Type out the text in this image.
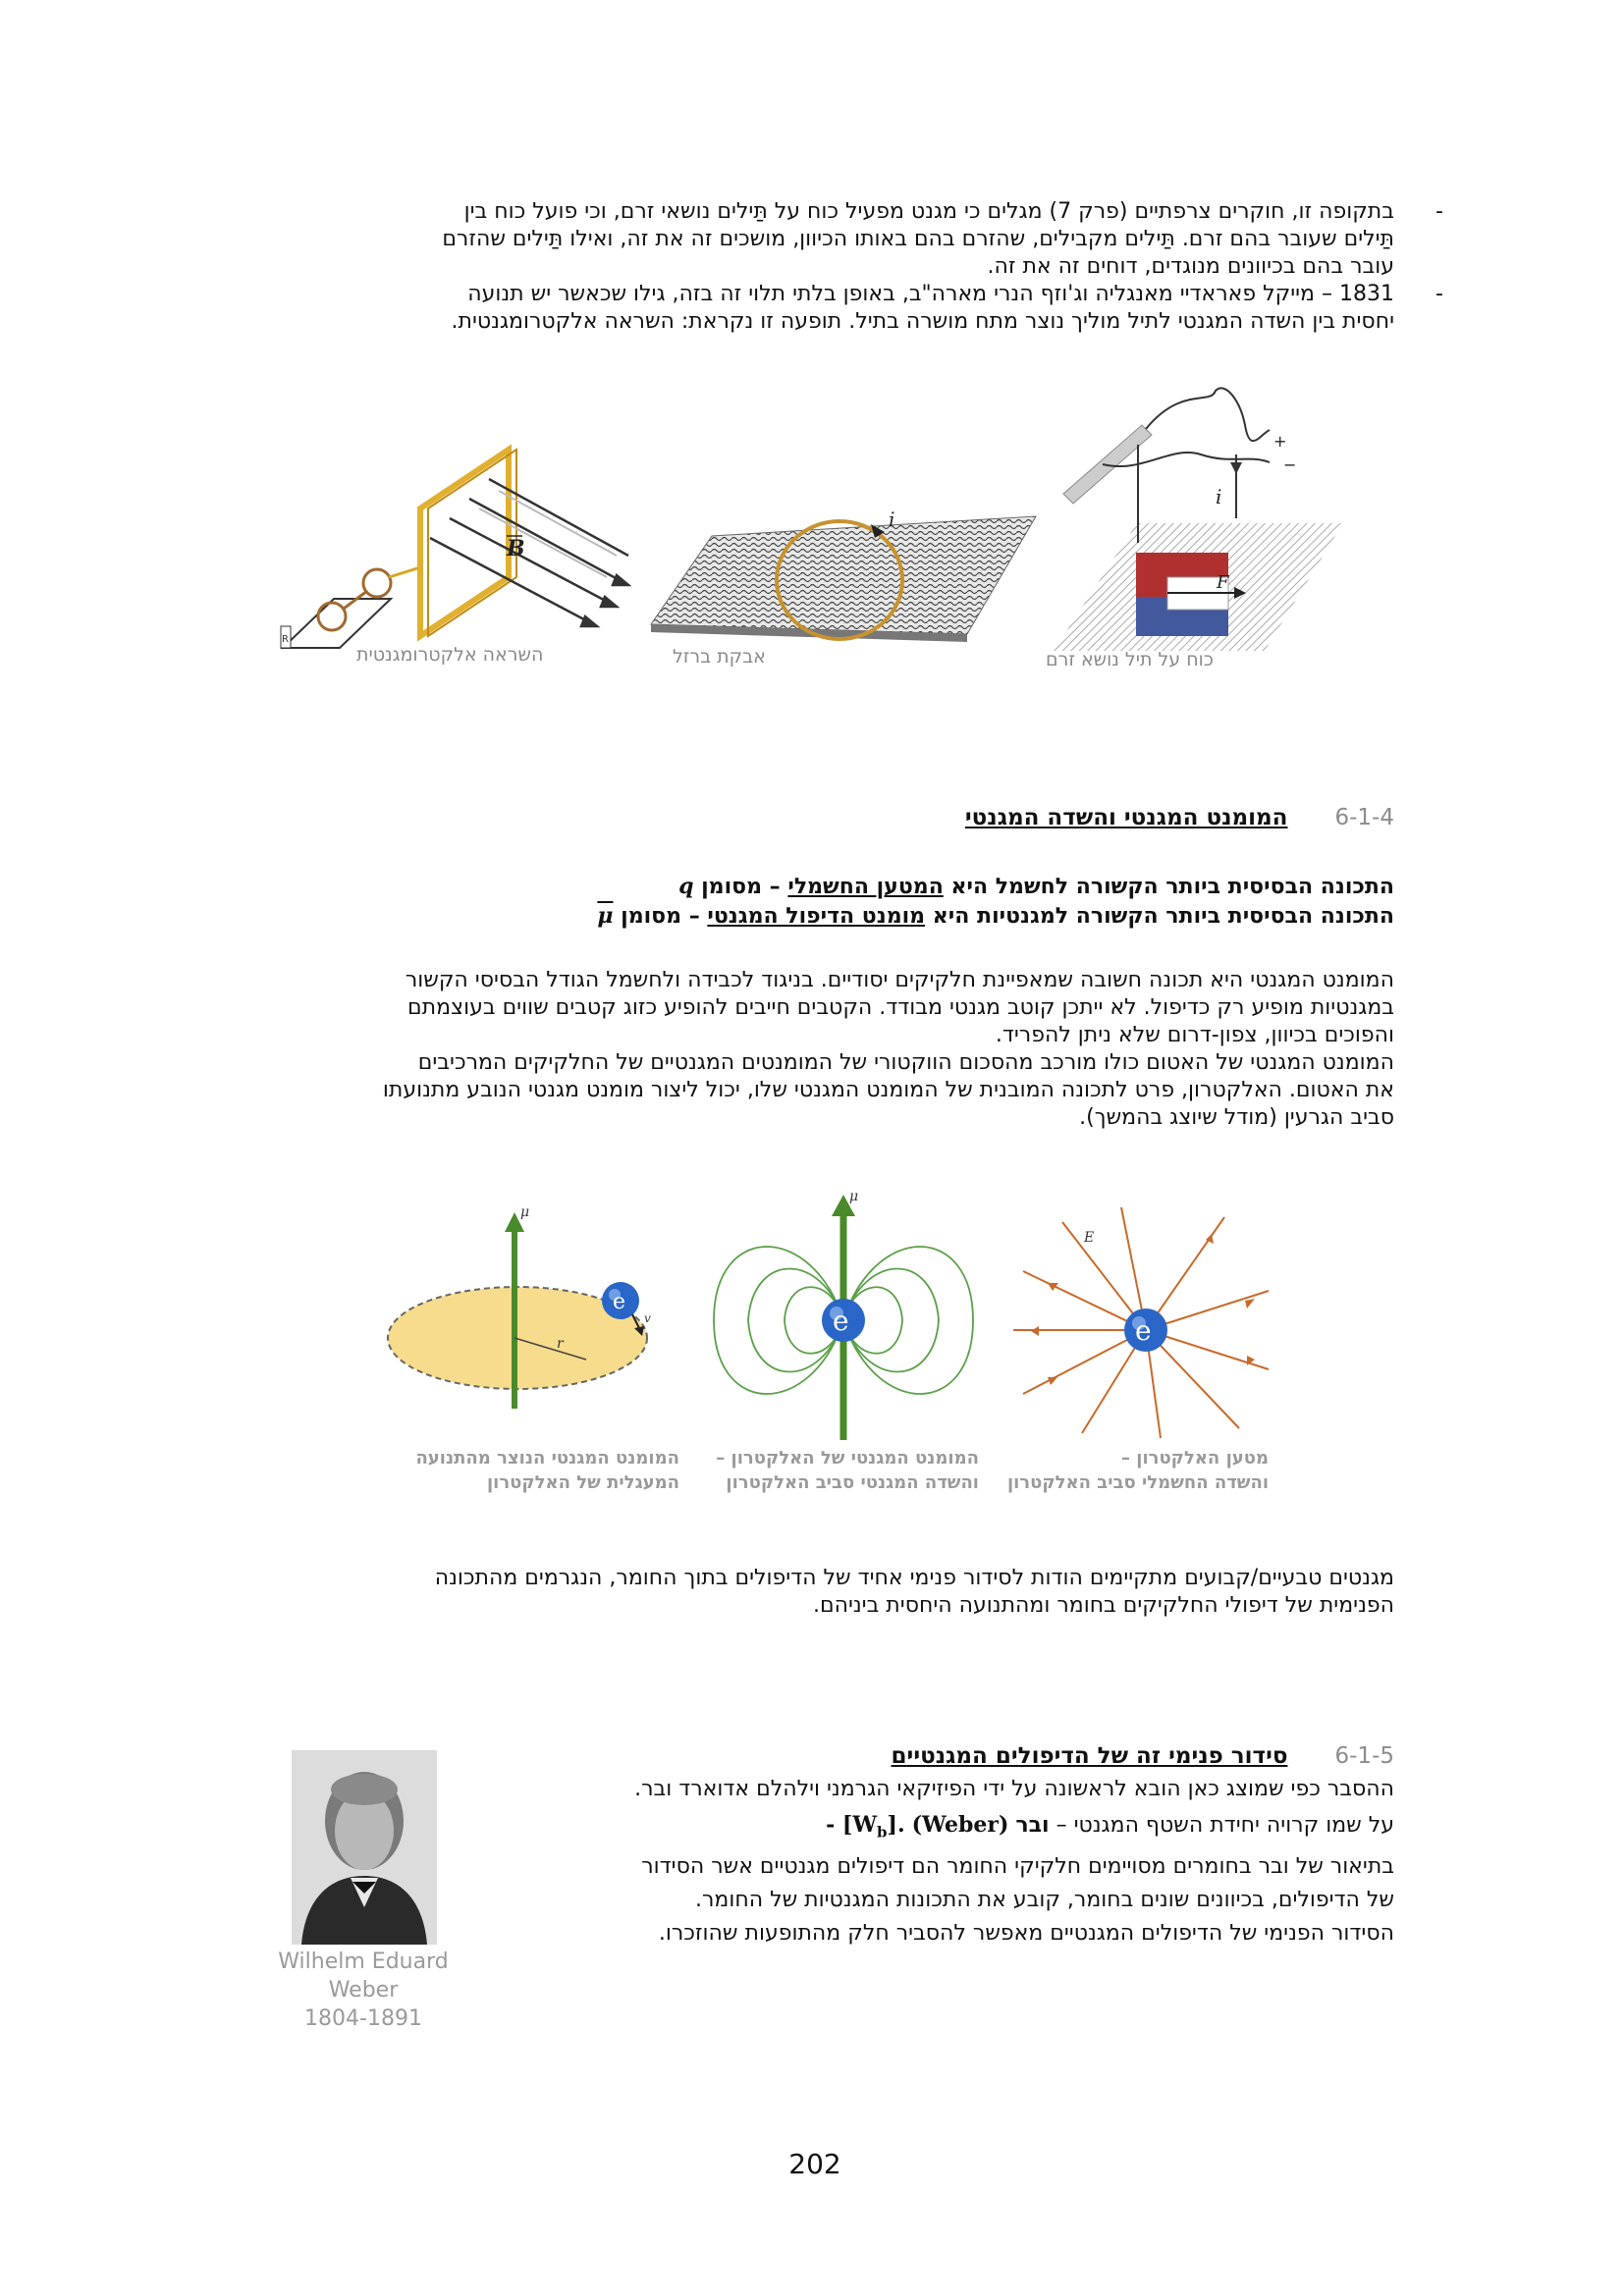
-
בתקופה זו, חוקרים צרפתיים (פרק 7) מגלים כי מגנט מפעיל כוח על תַּילים נושאי זרם, וכי פועל כוח בין
תַּילים שעובר בהם זרם. תַּילים מקבילים, שהזרם בהם באותו הכיוון, מושכים זה את זה, ואילו תַּילים שהזרם
עובר בהם בכיוונים מנוגדים, דוחים זה את זה.
-
1831 – מייקל פאראדיי מאנגליה וג'וזף הנרי מארה"ב, באופן בלתי תלוי זה בזה, גילו שכאשר יש תנועה
יחסית בין השדה המגנטי לתיל מוליך נוצר מתח מושרה בתיל. תופעה זו נקראת: השראה אלקטרומגנטית.
B
R
השראה אלקטרומגנטית
i
אבקת ברזל
i
+
−
F
כוח על תיל נושא זרם
6-1-4 המומנט המגנטי והשדה המגנטי
התכונה הבסיסית ביותר הקשורה לחשמל היא המטען החשמלי – מסומן q
התכונה הבסיסית ביותר הקשורה למגנטיות היא מומנט הדיפול המגנטי – מסומן μ

המומנט המגנטי היא תכונה חשובה שמאפיינת חלקיקים יסודיים. בניגוד לכבידה ולחשמל הגודל הבסיסי הקשור

במגנטיות מופיע רק כדיפול. לא ייתכן קוטב מגנטי מבודד. הקטבים חייבים להופיע כזוג קטבים שווים בעוצמתם

והפוכים בכיוון, צפון-דרום שלא ניתן להפריד.

המומנט המגנטי של האטום כולו מורכב מהסכום הווקטורי של המומנטים המגנטיים של החלקיקים המרכיבים

את האטום. האלקטרון, פרט לתכונה המובנית של המומנט המגנטי שלו, יכול ליצור מומנט מגנטי הנובע מתנועתו

סביב הגרעין (מודל שיוצג בהמשך).

μ
r
e
v
המומנט המגנטי הנוצר מהתנועה
המעגלית של האלקטרון
μ
e
המומנט המגנטי של האלקטרון –
והשדה המגנטי סביב האלקטרון
E
e
מטען האלקטרון –
והשדה החשמלי סביב האלקטרון

מגנטים טבעיים/קבועים מתקיימים הודות לסידור פנימי אחיד של הדיפולים בתוך החומר, הנגרמים מהתכונה

הפנימית של דיפולי החלקיקים בחומר ומהתנועה היחסית ביניהם.

6-1-5 סידור פנימי זה של הדיפולים המגנטיים

ההסבר כפי שמוצג כאן הובא לראשונה על ידי הפיזיקאי הגרמני וילהלם אדוארד ובר.

על שמו קרויה יחידת השטף המגנטי – ובר (Weber) - $[W_b]$.

בתיאור של ובר בחומרים מסויימים חלקיקי החומר הם דיפולים מגנטיים אשר הסידור

של הדיפולים, בכיוונים שונים בחומר, קובע את התכונות המגנטיות של החומר.

הסידור הפנימי של הדיפולים המגנטיים מאפשר להסביר חלק מהתופעות שהוזכרו.

Wilhelm Eduard
Weber
1804-1891
202
